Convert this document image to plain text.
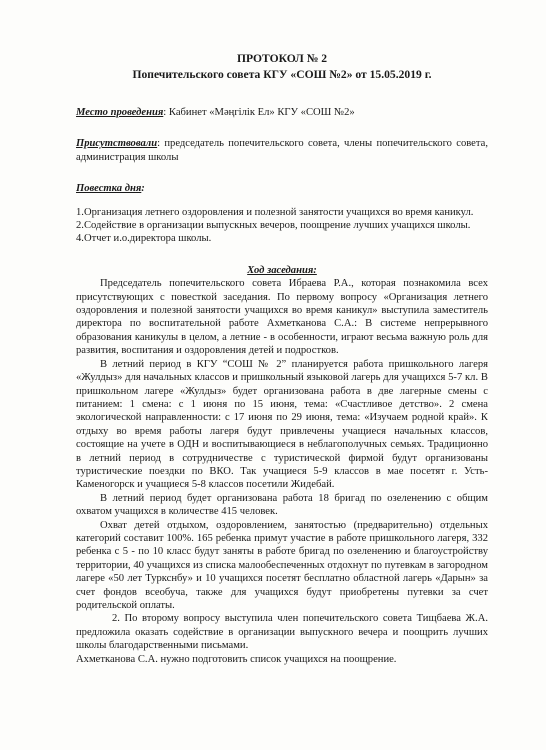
ПРОТОКОЛ № 2
Попечительского совета КГУ «СОШ №2» от 15.05.2019 г.
Место проведения: Кабинет «Мәңгілік Ел» КГУ «СОШ №2»
Присутствовали: председатель попечительского совета, члены попечительского совета, администрация школы
Повестка дня:
1.Организация летнего оздоровления и полезной занятости учащихся во время каникул.
2.Содействие в организации выпускных вечеров, поощрение лучших учащихся школы.
4.Отчет и.о.директора школы.
Ход заседания:
Председатель попечительского совета Ибраева Р.А., которая познакомила всех присутствующих с повесткой заседания. По первому вопросу «Организация летнего оздоровления и полезной занятости учащихся во время каникул» выступила заместитель директора по воспитательной работе Ахметканова С.А.: В системе непрерывного образования каникулы в целом, а летние - в особенности, играют весьма важную роль для развития, воспитания и оздоровления детей и подростков.
В летний период в КГУ “СОШ № 2” планируется работа пришкольного лагеря «Жулдыз» для начальных классов и пришкольный языковой лагерь для учащихся 5-7 кл. В пришкольном лагере «Жулдыз» будет организована работа в две лагерные смены с питанием: 1 смена: с 1 июня по 15 июня, тема: «Счастливое детство». 2 смена экологической направленности: с 17 июня по 29 июня, тема: «Изучаем родной край». К отдыху во время работы лагеря будут привлечены учащиеся начальных классов, состоящие на учете в ОДН и воспитывающиеся в неблагополучных семьях. Традиционно в летний период в сотрудничестве с туристической фирмой будут организованы туристические поездки по ВКО. Так учащиеся 5-9 классов в мае посетят г. Усть-Каменогорск и учащиеся 5-8 классов посетили Жидебай.
В летний период будет организована работа 18 бригад по озеленению с общим охватом учащихся в количестве 415 человек.
Охват детей отдыхом, оздоровлением, занятостью (предварительно) отдельных категорий составит 100%. 165 ребенка примут участие в работе пришкольного лагеря, 332 ребенка с 5 - по 10 класс будут заняты в работе бригад по озеленению и благоустройству территории, 40 учащихся из списка малообеспеченных отдохнут по путевкам в загородном лагере «50 лет Туркснбу» и 10 учащихся посетят бесплатно областной лагерь «Дарын» за счет фондов всеобуча, также для учащихся будут приобретены путевки за счет родительской оплаты.
2. По второму вопросу выступила член попечительского совета Тищбаева Ж.А. предложила оказать содействие в организации выпускного вечера и поощрить лучших школы благодарственными письмами.
Ахметканова С.А. нужно подготовить список учащихся на поощрение.
